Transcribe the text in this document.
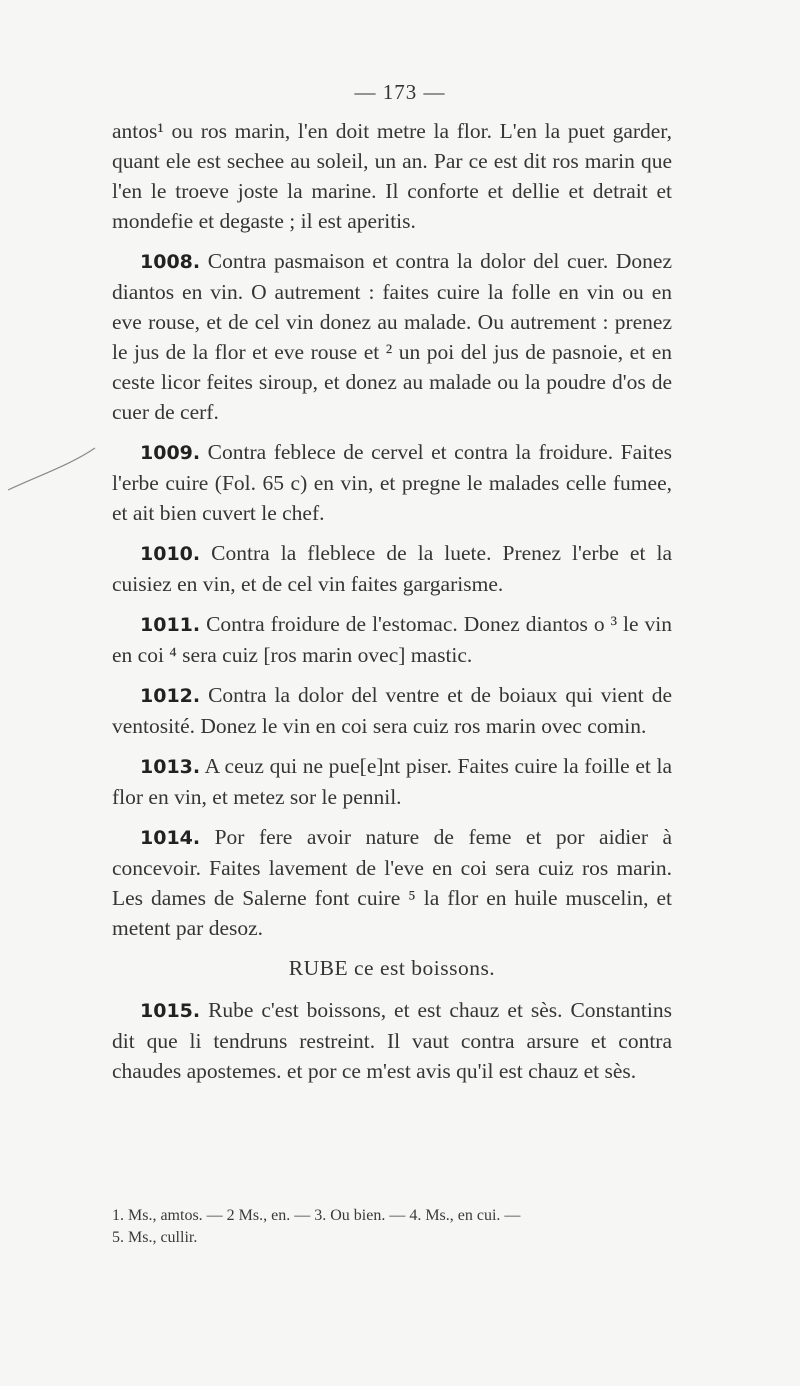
— 173 —

antos¹ ou ros marin, l'en doit metre la flor. L'en la puet garder, quant ele est sechee au soleil, un an. Par ce est dit ros marin que l'en le troeve joste la marine. Il conforte et dellie et detrait et mondefie et degaste ; il est aperitis.

1008. Contra pasmaison et contra la dolor del cuer. Donez diantos en vin. O autrement : faites cuire la folle en vin ou en eve rouse, et de cel vin donez au malade. Ou autrement : prenez le jus de la flor et eve rouse et ² un poi del jus de pasnoie, et en ceste licor feites siroup, et donez au malade ou la poudre d'os de cuer de cerf.

1009. Contra feblece de cervel et contra la froidure. Faites l'erbe cuire (Fol. 65 c) en vin, et pregne le malades celle fumee, et ait bien cuvert le chef.

1010. Contra la fleblece de la luete. Prenez l'erbe et la cuisiez en vin, et de cel vin faites gargarisme.

1011. Contra froidure de l'estomac. Donez diantos o ³ le vin en coi ⁴ sera cuiz [ros marin ovec] mastic.

1012. Contra la dolor del ventre et de boiaux qui vient de ventosité. Donez le vin en coi sera cuiz ros marin ovec comin.

1013. A ceuz qui ne pue[e]nt piser. Faites cuire la foille et la flor en vin, et metez sor le pennil.

1014. Por fere avoir nature de feme et por aidier à concevoir. Faites lavement de l'eve en coi sera cuiz ros marin. Les dames de Salerne font cuire ⁵ la flor en huile muscelin, et metent par desoz.

RUBE ce est boissons.

1015. Rube c'est boissons, et est chauz et sès. Constantins dit que li tendruns restreint. Il vaut contra arsure et contra chaudes apostemes. et por ce m'est avis qu'il est chauz et sès.

1. Ms., amtos. — 2 Ms., en. — 3. Ou bien. — 4. Ms., en cui. —
5. Ms., cullir.
